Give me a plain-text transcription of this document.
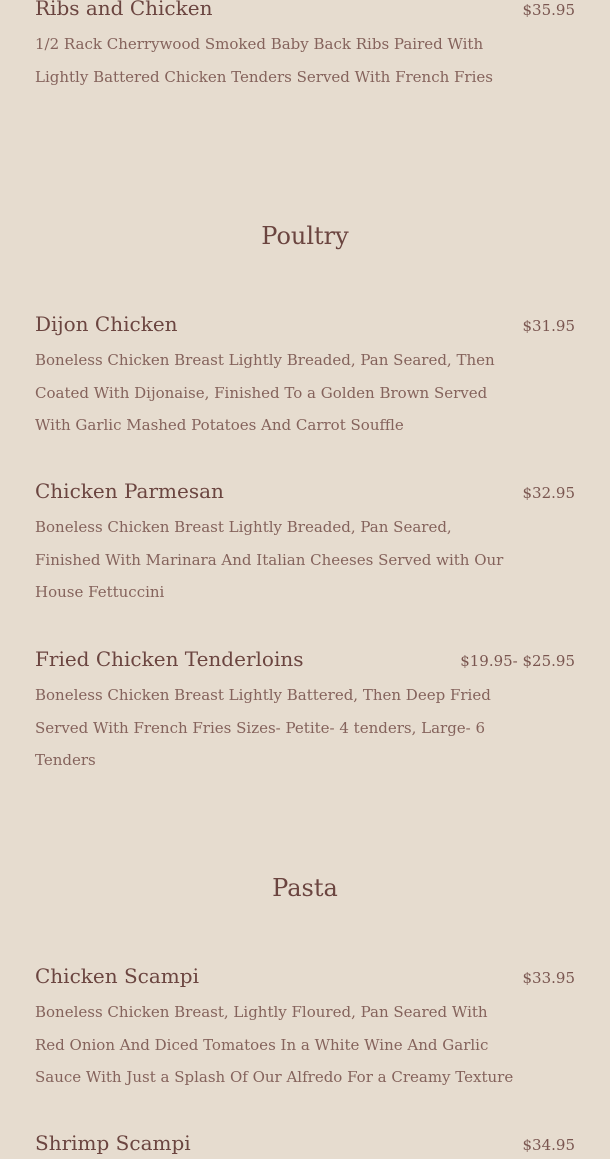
Ribs and Chicken	$35.95
1/2 Rack Cherrywood Smoked Baby Back Ribs Paired With Lightly Battered Chicken Tenders Served With French Fries
Poultry
Dijon Chicken	$31.95
Boneless Chicken Breast Lightly Breaded, Pan Seared, Then Coated With Dijonaise, Finished To a Golden Brown Served With Garlic Mashed Potatoes And Carrot Souffle
Chicken Parmesan	$32.95
Boneless Chicken Breast Lightly Breaded, Pan Seared, Finished With Marinara And Italian Cheeses Served with Our House Fettuccini
Fried Chicken Tenderloins	$19.95- $25.95
Boneless Chicken Breast Lightly Battered, Then Deep Fried Served With French Fries Sizes- Petite- 4 tenders, Large- 6 Tenders
Pasta
Chicken Scampi	$33.95
Boneless Chicken Breast, Lightly Floured, Pan Seared With Red Onion And Diced Tomatoes In a White Wine And Garlic Sauce With Just a Splash Of Our Alfredo For a Creamy Texture
Shrimp Scampi	$34.95
